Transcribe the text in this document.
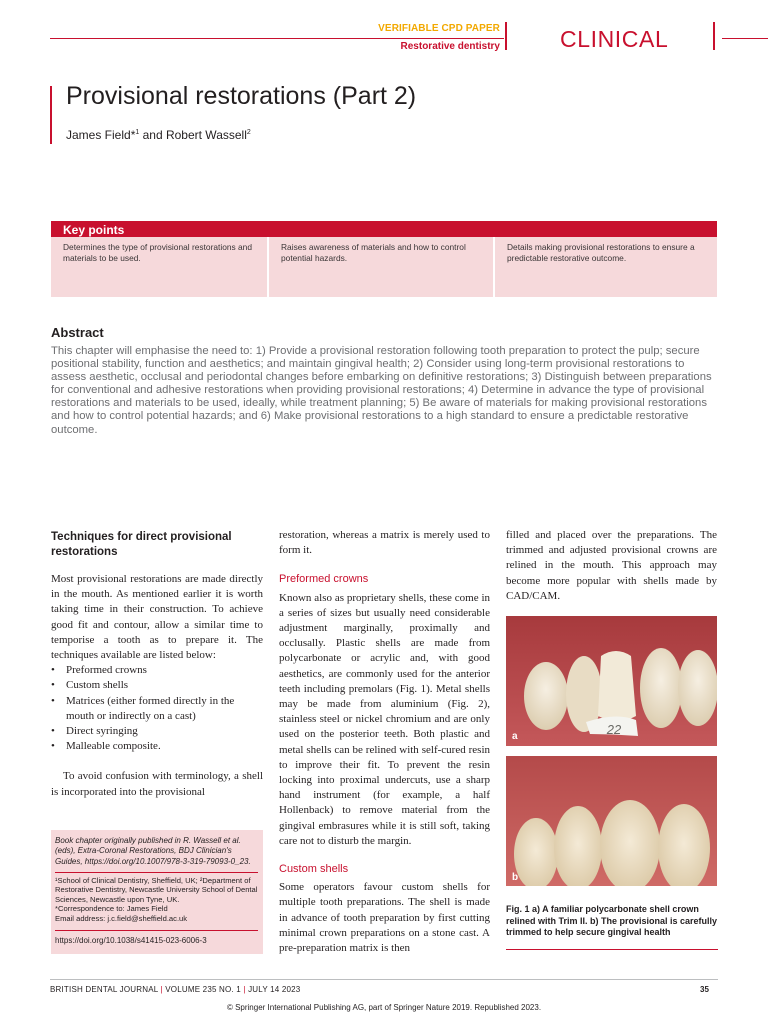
VERIFIABLE CPD PAPER
Restorative dentistry	CLINICAL
Provisional restorations (Part 2)
James Field*$^1$ and Robert Wassell$^2$
Key points
Determines the type of provisional restorations and materials to be used.
Raises awareness of materials and how to control potential hazards.
Details making provisional restorations to ensure a predictable restorative outcome.
Abstract

This chapter will emphasise the need to: 1) Provide a provisional restoration following tooth preparation to protect the pulp; secure positional stability, function and aesthetics; and maintain gingival health; 2) Consider using long-term provisional restorations to assess aesthetic, occlusal and periodontal changes before embarking on definitive restorations; 3) Distinguish between preparations for conventional and adhesive restorations when providing provisional restorations; 4) Determine in advance the type of provisional restorations and materials to be used, ideally, while treatment planning; 5) Be aware of materials for making provisional restorations and how to control potential hazards; and 6) Make provisional restorations to a high standard to ensure a predictable restorative outcome.

Techniques for direct provisional restorations

Most provisional restorations are made directly in the mouth. As mentioned earlier it is worth taking time in their construction. To achieve good fit and contour, allow a similar time to temporise a tooth as to prepare it. The techniques available are listed below:

• Preformed crowns
• Custom shells
• Matrices (either formed directly in the mouth or indirectly on a cast)
• Direct syringing
• Malleable composite.

To avoid confusion with terminology, a shell is incorporated into the provisional

Book chapter originally published in R. Wassell et al. (eds), Extra-Coronal Restorations, BDJ Clinician's Guides, https://doi.org/10.1007/978-3-319-79093-0_23.
¹School of Clinical Dentistry, Sheffield, UK; ²Department of Restorative Dentistry, Newcastle University School of Dental Sciences, Newcastle upon Tyne, UK.
*Correspondence to: James Field
Email address: j.c.field@sheffield.ac.uk
https://doi.org/10.1038/s41415-023-6006-3

restoration, whereas a matrix is merely used to form it.

Preformed crowns

Known also as proprietary shells, these come in a series of sizes but usually need considerable adjustment marginally, proximally and occlusally. Plastic shells are made from polycarbonate or acrylic and, with good aesthetics, are commonly used for the anterior teeth including premolars (Fig. 1). Metal shells may be made from aluminium (Fig. 2), stainless steel or nickel chromium and are only used on the posterior teeth. Both plastic and metal shells can be relined with self-cured resin to improve their fit. To prevent the resin locking into proximal undercuts, use a sharp hand instrument (for example, a half Hollenback) to remove material from the gingival embrasures while it is still soft, taking care not to disturb the margin.

Custom shells

Some operators favour custom shells for multiple tooth preparations. The shell is made in advance of tooth preparation by first cutting minimal crown preparations on a stone cast. A pre-preparation matrix is then

filled and placed over the preparations. The trimmed and adjusted provisional crowns are relined in the mouth. This approach may become more popular with shells made by CAD/CAM.

22
a
b
Fig. 1 a) A familiar polycarbonate shell crown relined with Trim II. b) The provisional is carefully trimmed to help secure gingival health
BRITISH DENTAL JOURNAL | VOLUME 235 NO. 1 | JULY 14 2023	35
© Springer International Publishing AG, part of Springer Nature 2019. Republished 2023.
